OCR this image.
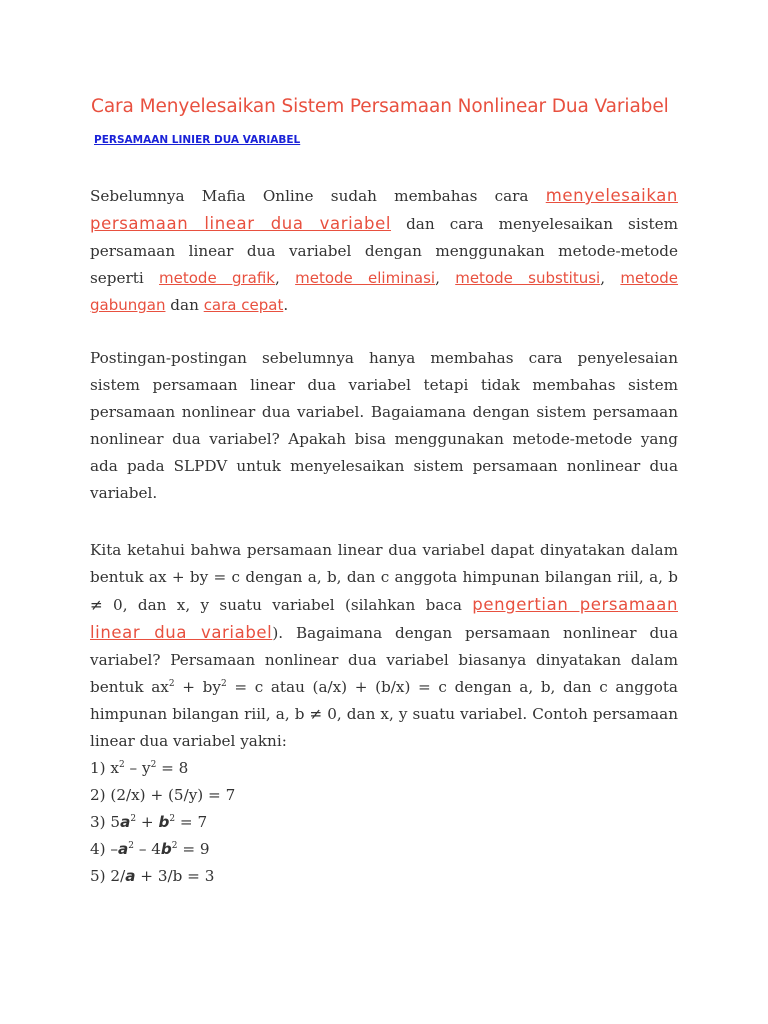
Cara Menyelesaikan Sistem Persamaan Nonlinear Dua Variabel
PERSAMAAN LINIER DUA VARIABEL
Sebelumnya Mafia Online sudah membahas cara menyelesaikan persamaan linear dua variabel dan cara menyelesaikan sistem persamaan linear dua variabel dengan menggunakan metode-metode seperti metode grafik, metode eliminasi, metode substitusi, metode gabungan dan cara cepat.
Postingan-postingan sebelumnya hanya membahas cara penyelesaian sistem persamaan linear dua variabel tetapi tidak membahas sistem persamaan nonlinear dua variabel. Bagaiamana dengan sistem persamaan nonlinear dua variabel? Apakah bisa menggunakan metode-metode yang ada pada SLPDV untuk menyelesaikan sistem persamaan nonlinear dua variabel.
Kita ketahui bahwa persamaan linear dua variabel dapat dinyatakan dalam bentuk ax + by = c dengan a, b, dan c anggota himpunan bilangan riil, a, b ≠ 0, dan x, y suatu variabel (silahkan baca pengertian persamaan linear dua variabel). Bagaimana dengan persamaan nonlinear dua variabel? Persamaan nonlinear dua variabel biasanya dinyatakan dalam bentuk $ax^2 + by^2 = c$ atau (a/x) + (b/x) = c dengan a, b, dan c anggota himpunan bilangan riil, a, b ≠ 0, dan x, y suatu variabel. Contoh persamaan linear dua variabel yakni:
1) $x^2 - y^2 = 8$
2) (2/x) + (5/y) = 7
3) $5a^2 + b^2 = 7$
4) $-a^2 - 4b^2 = 9$
5) 2/a + 3/b = 3
